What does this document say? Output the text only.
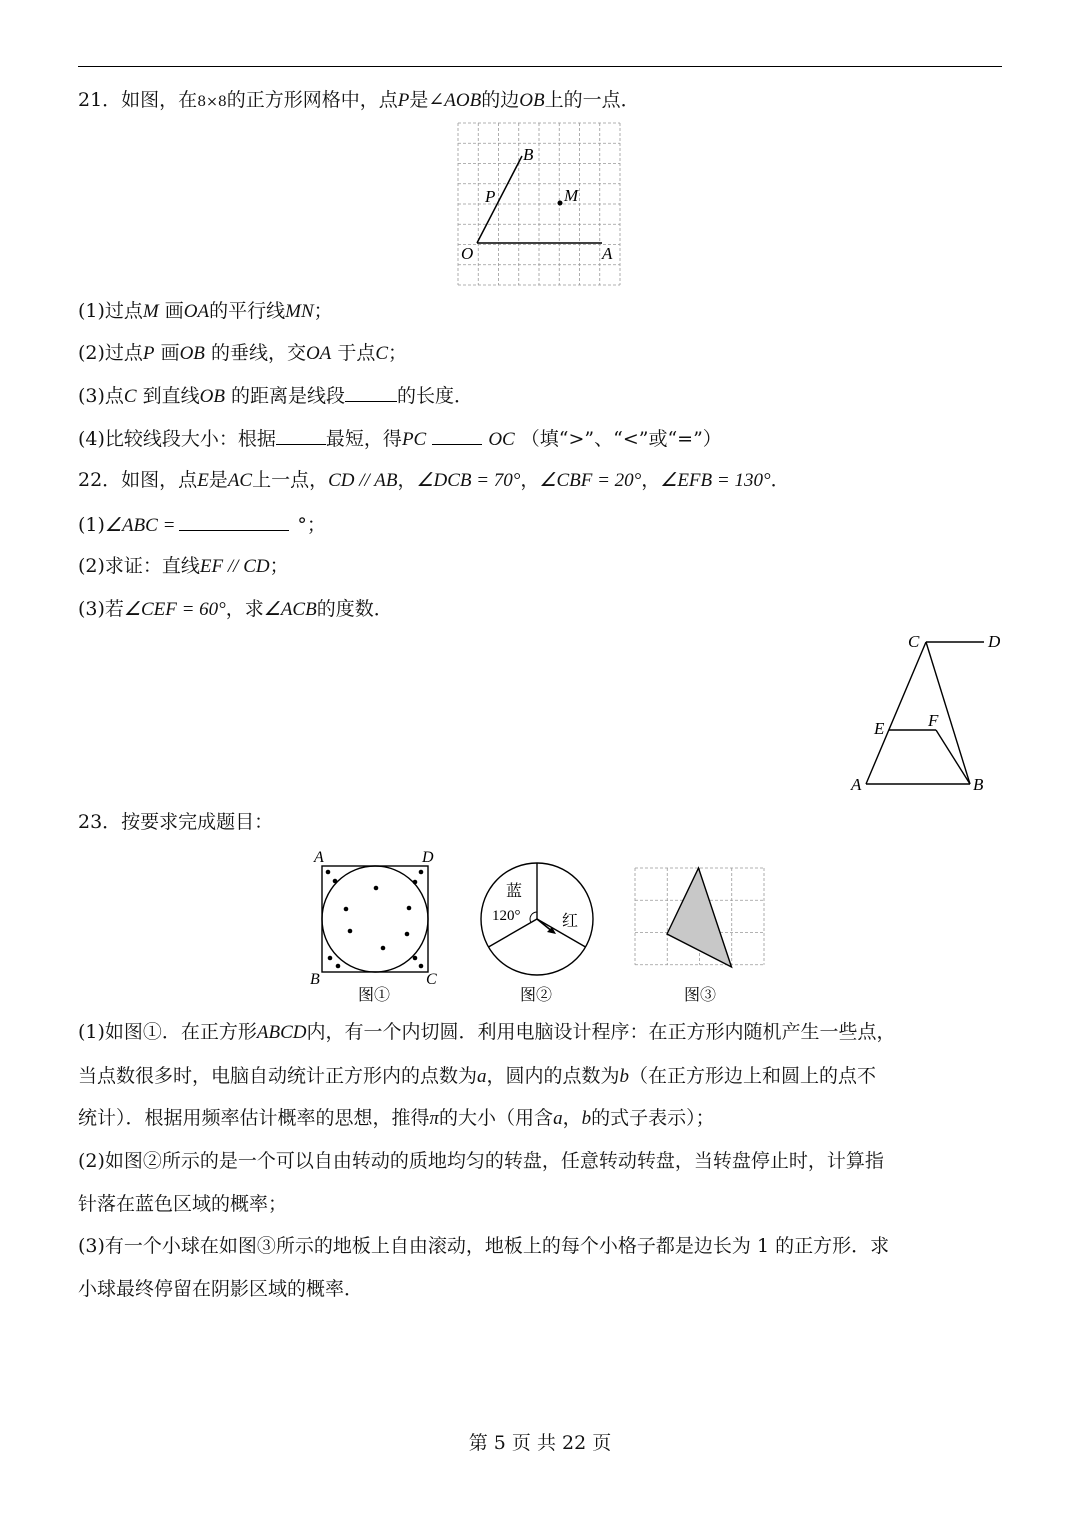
21．如图，在8×8的正方形网格中，点P是∠AOB的边OB上的一点．
B
P	M
O	A
(1)过点M 画OA的平行线MN；
(2)过点P 画OB 的垂线，交OA 于点C；
(3)点C 到直线OB 的距离是线段	的长度．
(4)比较线段大小：根据	最短，得PC	OC （填“>”、“<”或“=”）
22．如图，点E是AC上一点，CD // AB，∠DCB = 70°，∠CBF = 20°，∠EFB = 130°．
(1)∠ABC =	°；
(2)求证：直线EF // CD；
(3)若∠CEF = 60°，求∠ACB的度数．
C	D
E	F
A	B
23．按要求完成题目：
A	D
B	C
图①
蓝
120°	红
图②	图③
(1)如图①．在正方形ABCD内，有一个内切圆．利用电脑设计程序：在正方形内随机产生一些点，
当点数很多时，电脑自动统计正方形内的点数为a，圆内的点数为b（在正方形边上和圆上的点不
统计）．根据用频率估计概率的思想，推得π的大小（用含a，b的式子表示）；
(2)如图②所示的是一个可以自由转动的质地均匀的转盘，任意转动转盘，当转盘停止时，计算指
针落在蓝色区域的概率；
(3)有一个小球在如图③所示的地板上自由滚动，地板上的每个小格子都是边长为 1 的正方形．求
小球最终停留在阴影区域的概率．
第 5 页 共 22 页
